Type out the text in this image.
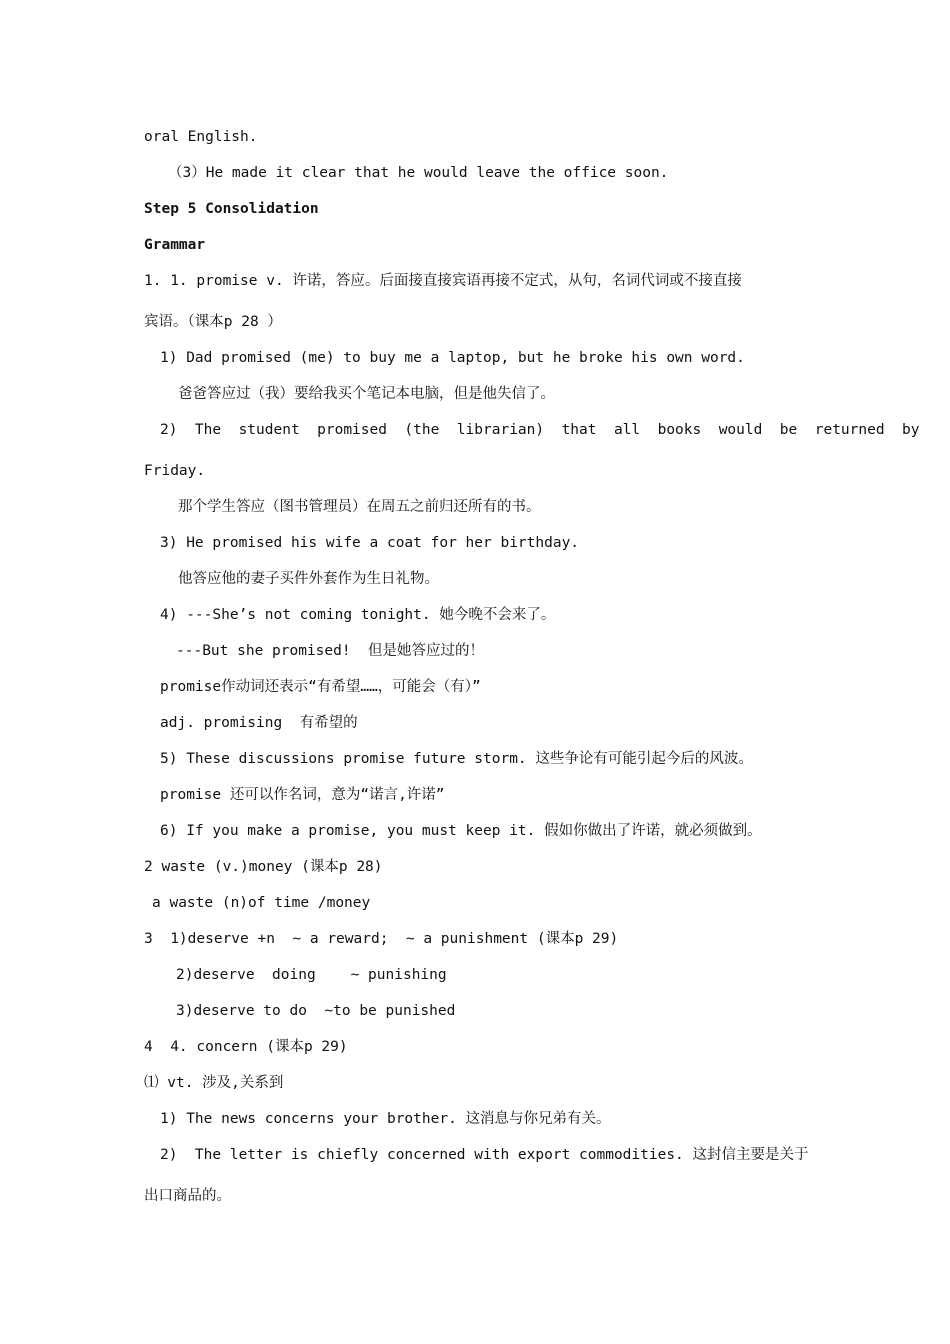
oral English.
（3）He made it clear that he would leave the office soon.
Step 5 Consolidation
Grammar
1. 1. promise v. 许诺，答应。后面接直接宾语再接不定式，从句，名词代词或不接直接
宾语。（课本p 28 ）
1) Dad promised (me) to buy me a laptop, but he broke his own word.
爸爸答应过（我）要给我买个笔记本电脑，但是他失信了。
2)  The  student  promised  (the  librarian)  that  all  books  would  be  returned  by
Friday.
那个学生答应（图书管理员）在周五之前归还所有的书。
3) He promised his wife a coat for her birthday.
他答应他的妻子买件外套作为生日礼物。
4) ---She’s not coming tonight. 她今晚不会来了。
---But she promised!  但是她答应过的！
promise作动词还表示“有希望……，可能会（有）”
adj. promising  有希望的
5) These discussions promise future storm. 这些争论有可能引起今后的风波。
promise 还可以作名词，意为“诺言,许诺”
6) If you make a promise, you must keep it. 假如你做出了许诺，就必须做到。
2 waste (v.)money (课本p 28)
a waste (n)of time /money
3  1)deserve +n  ~ a reward;  ~ a punishment (课本p 29)
2)deserve  doing    ~ punishing
3)deserve to do  ~to be punished
4  4. concern (课本p 29)
⑴ vt. 涉及,关系到
1) The news concerns your brother. 这消息与你兄弟有关。
2)  The letter is chiefly concerned with export commodities. 这封信主要是关于
出口商品的。
